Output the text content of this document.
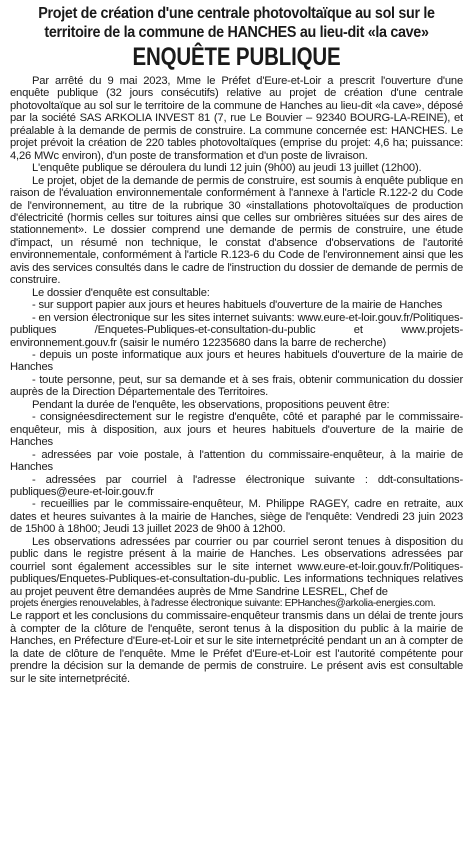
Projet de création d'une centrale photovoltaïque au sol sur le
territoire de la commune de HANCHES au lieu-dit «la cave»
ENQUÊTE PUBLIQUE

Par arrêté du 9 mai 2023, Mme le Préfet d'Eure-et-Loir a prescrit l'ouverture d'une enquête publique (32 jours consécutifs) relative au projet de création d'une centrale photovoltaïque au sol sur le territoire de la commune de Hanches au lieu-dit «la cave», déposé par la société SAS ARKOLIA INVEST 81 (7, rue Le Bouvier – 92340 BOURG-LA-REINE), et préalable à la demande de permis de construire. La commune concernée est: HANCHES. Le projet prévoit la création de 220 tables photovoltaïques (emprise du projet: 4,6 ha; puissance: 4,26 MWc environ), d'un poste de transformation et d'un poste de livraison.

L'enquête publique se déroulera du lundi 12 juin (9h00) au jeudi 13 juillet (12h00).

Le projet, objet de la demande de permis de construire, est soumis à enquête publique en raison de l'évaluation environnementale conformément à l'annexe à l'article R.122-2 du Code de l'environnement, au titre de la rubrique 30 «installations photovoltaïques de production d'électricité (hormis celles sur toitures ainsi que celles sur ombrières situées sur des aires de stationnement». Le dossier comprend une demande de permis de construire, une étude d'impact, un résumé non technique, le constat d'absence d'observations de l'autorité environnementale, conformément à l'article R.123-6 du Code de l'environnement ainsi que les avis des services consultés dans le cadre de l'instruction du dossier de demande de permis de construire.

Le dossier d'enquête est consultable:

- sur support papier aux jours et heures habituels d'ouverture de la mairie de Hanches

- en version électronique sur les sites internet suivants: www.eure-et-loir.gouv.fr/Politiques-publiques /Enquetes-Publiques-et-consultation-du-public et www.projets-environnement.gouv.fr (saisir le numéro 12235680 dans la barre de recherche)

- depuis un poste informatique aux jours et heures habituels d'ouverture de la mairie de Hanches

- toute personne, peut, sur sa demande et à ses frais, obtenir communication du dossier auprès de la Direction Départementale des Territoires.

Pendant la durée de l'enquête, les observations, propositions peuvent être:

- consignéesdirectement sur le registre d'enquête, côté et paraphé par le commissaire-enquêteur, mis à disposition, aux jours et heures habituels d'ouverture de la mairie de Hanches

- adressées par voie postale, à l'attention du commissaire-enquêteur, à la mairie de Hanches

- adressées par courriel à l'adresse électronique suivante : ddt-consultations-publiques@eure-et-loir.gouv.fr

- recueillies par le commissaire-enquêteur, M. Philippe RAGEY, cadre en retraite, aux dates et heures suivantes à la mairie de Hanches, siège de l'enquête: Vendredi 23 juin 2023 de 15h00 à 18h00; Jeudi 13 juillet 2023 de 9h00 à 12h00.

Les observations adressées par courrier ou par courriel seront tenues à disposition du public dans le registre présent à la mairie de Hanches. Les observations adressées par courriel sont également accessibles sur le site internet www.eure-et-loir.gouv.fr/Politiques-publiques/Enquetes-Publiques-et-consultation-du-public. Les informations techniques relatives au projet peuvent être demandées auprès de Mme Sandrine LESREL, Chef de

projets énergies renouvelables, à l'adresse électronique suivante: EPHanches@arkolia-energies.com.

Le rapport et les conclusions du commissaire-enquêteur transmis dans un délai de trente jours à compter de la clôture de l'enquête, seront tenus à la disposition du public à la mairie de Hanches, en Préfecture d'Eure-et-Loir et sur le site internetprécité pendant un an à compter de la date de clôture de l'enquête. Mme le Préfet d'Eure-et-Loir est l'autorité compétente pour prendre la décision sur la demande de permis de construire. Le présent avis est consultable sur le site internetprécité.
